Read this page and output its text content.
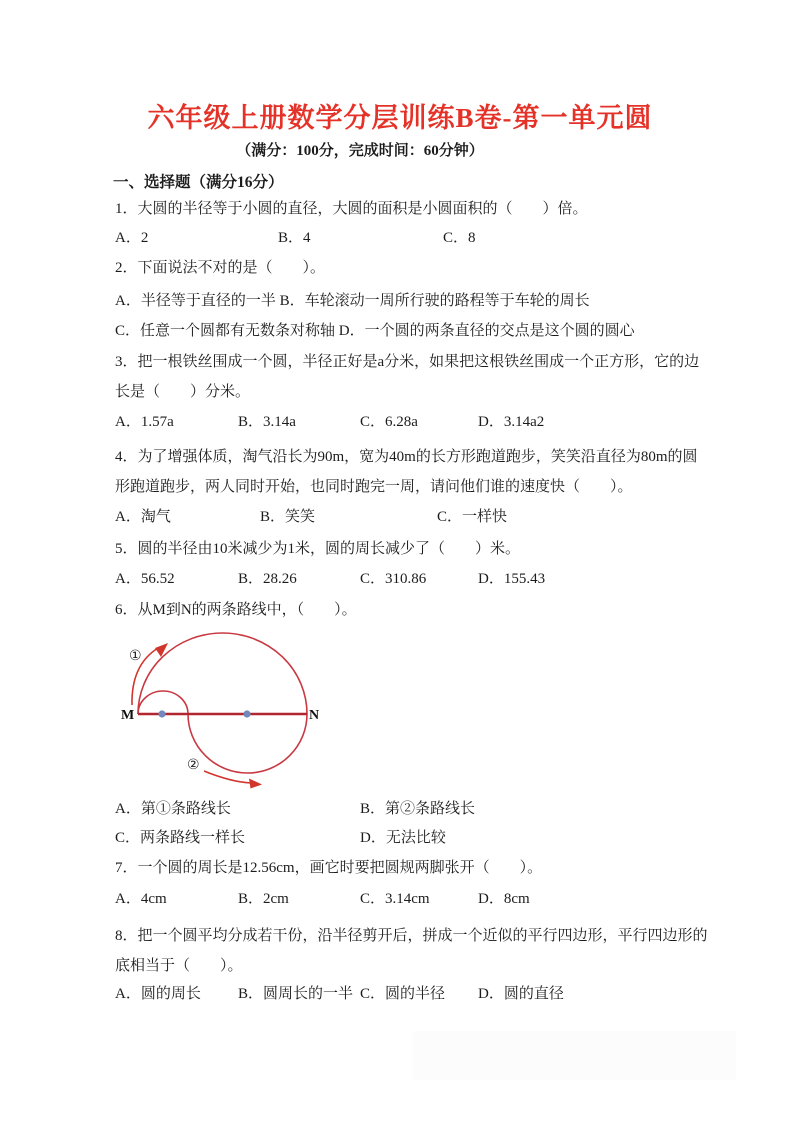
六年级上册数学分层训练B卷-第一单元圆
（满分：100分，完成时间：60分钟）
一、选择题（满分16分）
1．大圆的半径等于小圆的直径，大圆的面积是小圆面积的（　　）倍。
A．2	B．4	C．8
2．下面说法不对的是（　　）。
A．半径等于直径的一半 B．车轮滚动一周所行驶的路程等于车轮的周长
C．任意一个圆都有无数条对称轴 D．一个圆的两条直径的交点是这个圆的圆心
3．把一根铁丝围成一个圆，半径正好是a分米，如果把这根铁丝围成一个正方形，它的边
长是（　　）分米。
A．1.57a	B．3.14a	C．6.28a	D．3.14a2
4．为了增强体质，淘气沿长为90m，宽为40m的长方形跑道跑步，笑笑沿直径为80m的圆
形跑道跑步，两人同时开始，也同时跑完一周，请问他们谁的速度快（　　）。
A．淘气	B．笑笑	C．一样快
5．圆的半径由10米减少为1米，圆的周长减少了（　　）米。
A．56.52	B．28.26	C．310.86	D．155.43
6．从M到N的两条路线中，（　　）。
M	N
①
②
A．第①条路线长	B．第②条路线长
C．两条路线一样长	D．无法比较
7．一个圆的周长是12.56cm，画它时要把圆规两脚张开（　　）。
A．4cm	B．2cm	C．3.14cm	D．8cm
8．把一个圆平均分成若干份，沿半径剪开后，拼成一个近似的平行四边形，平行四边形的
底相当于（　　）。
A．圆的周长	B．圆周长的一半 C．圆的半径	D．圆的直径
